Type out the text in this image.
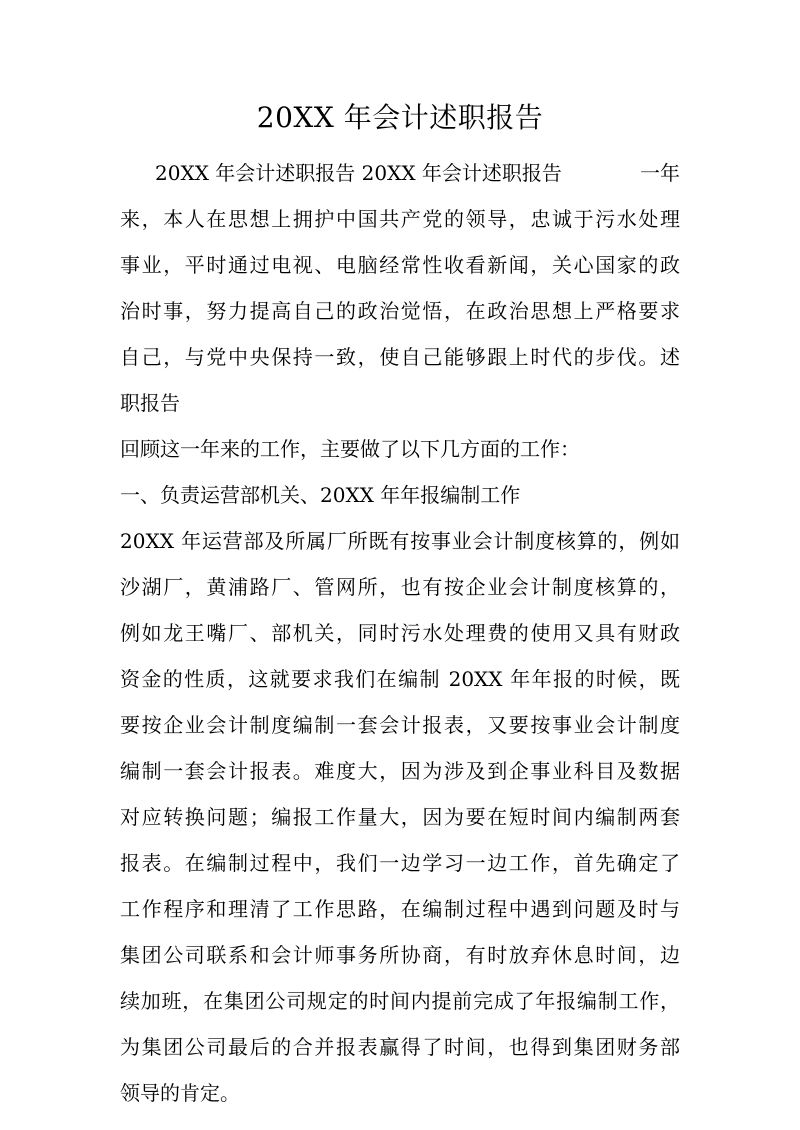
20XX 年会计述职报告
20XX 年会计述职报告 20XX 年会计述职报告	一年
来，本人在思想上拥护中国共产党的领导，忠诚于污水处理
事业，平时通过电视、电脑经常性收看新闻，关心国家的政
治时事，努力提高自己的政治觉悟，在政治思想上严格要求
自己，与党中央保持一致，使自己能够跟上时代的步伐。述
职报告
回顾这一年来的工作，主要做了以下几方面的工作：
一、负责运营部机关、20XX 年年报编制工作
20XX 年运营部及所属厂所既有按事业会计制度核算的，例如
沙湖厂，黄浦路厂、管网所，也有按企业会计制度核算的，
例如龙王嘴厂、部机关，同时污水处理费的使用又具有财政
资金的性质，这就要求我们在编制 20XX 年年报的时候，既
要按企业会计制度编制一套会计报表，又要按事业会计制度
编制一套会计报表。难度大，因为涉及到企事业科目及数据
对应转换问题；编报工作量大，因为要在短时间内编制两套
报表。在编制过程中，我们一边学习一边工作，首先确定了
工作程序和理清了工作思路，在编制过程中遇到问题及时与
集团公司联系和会计师事务所协商，有时放弃休息时间，边
续加班，在集团公司规定的时间内提前完成了年报编制工作，
为集团公司最后的合并报表赢得了时间，也得到集团财务部
领导的肯定。
